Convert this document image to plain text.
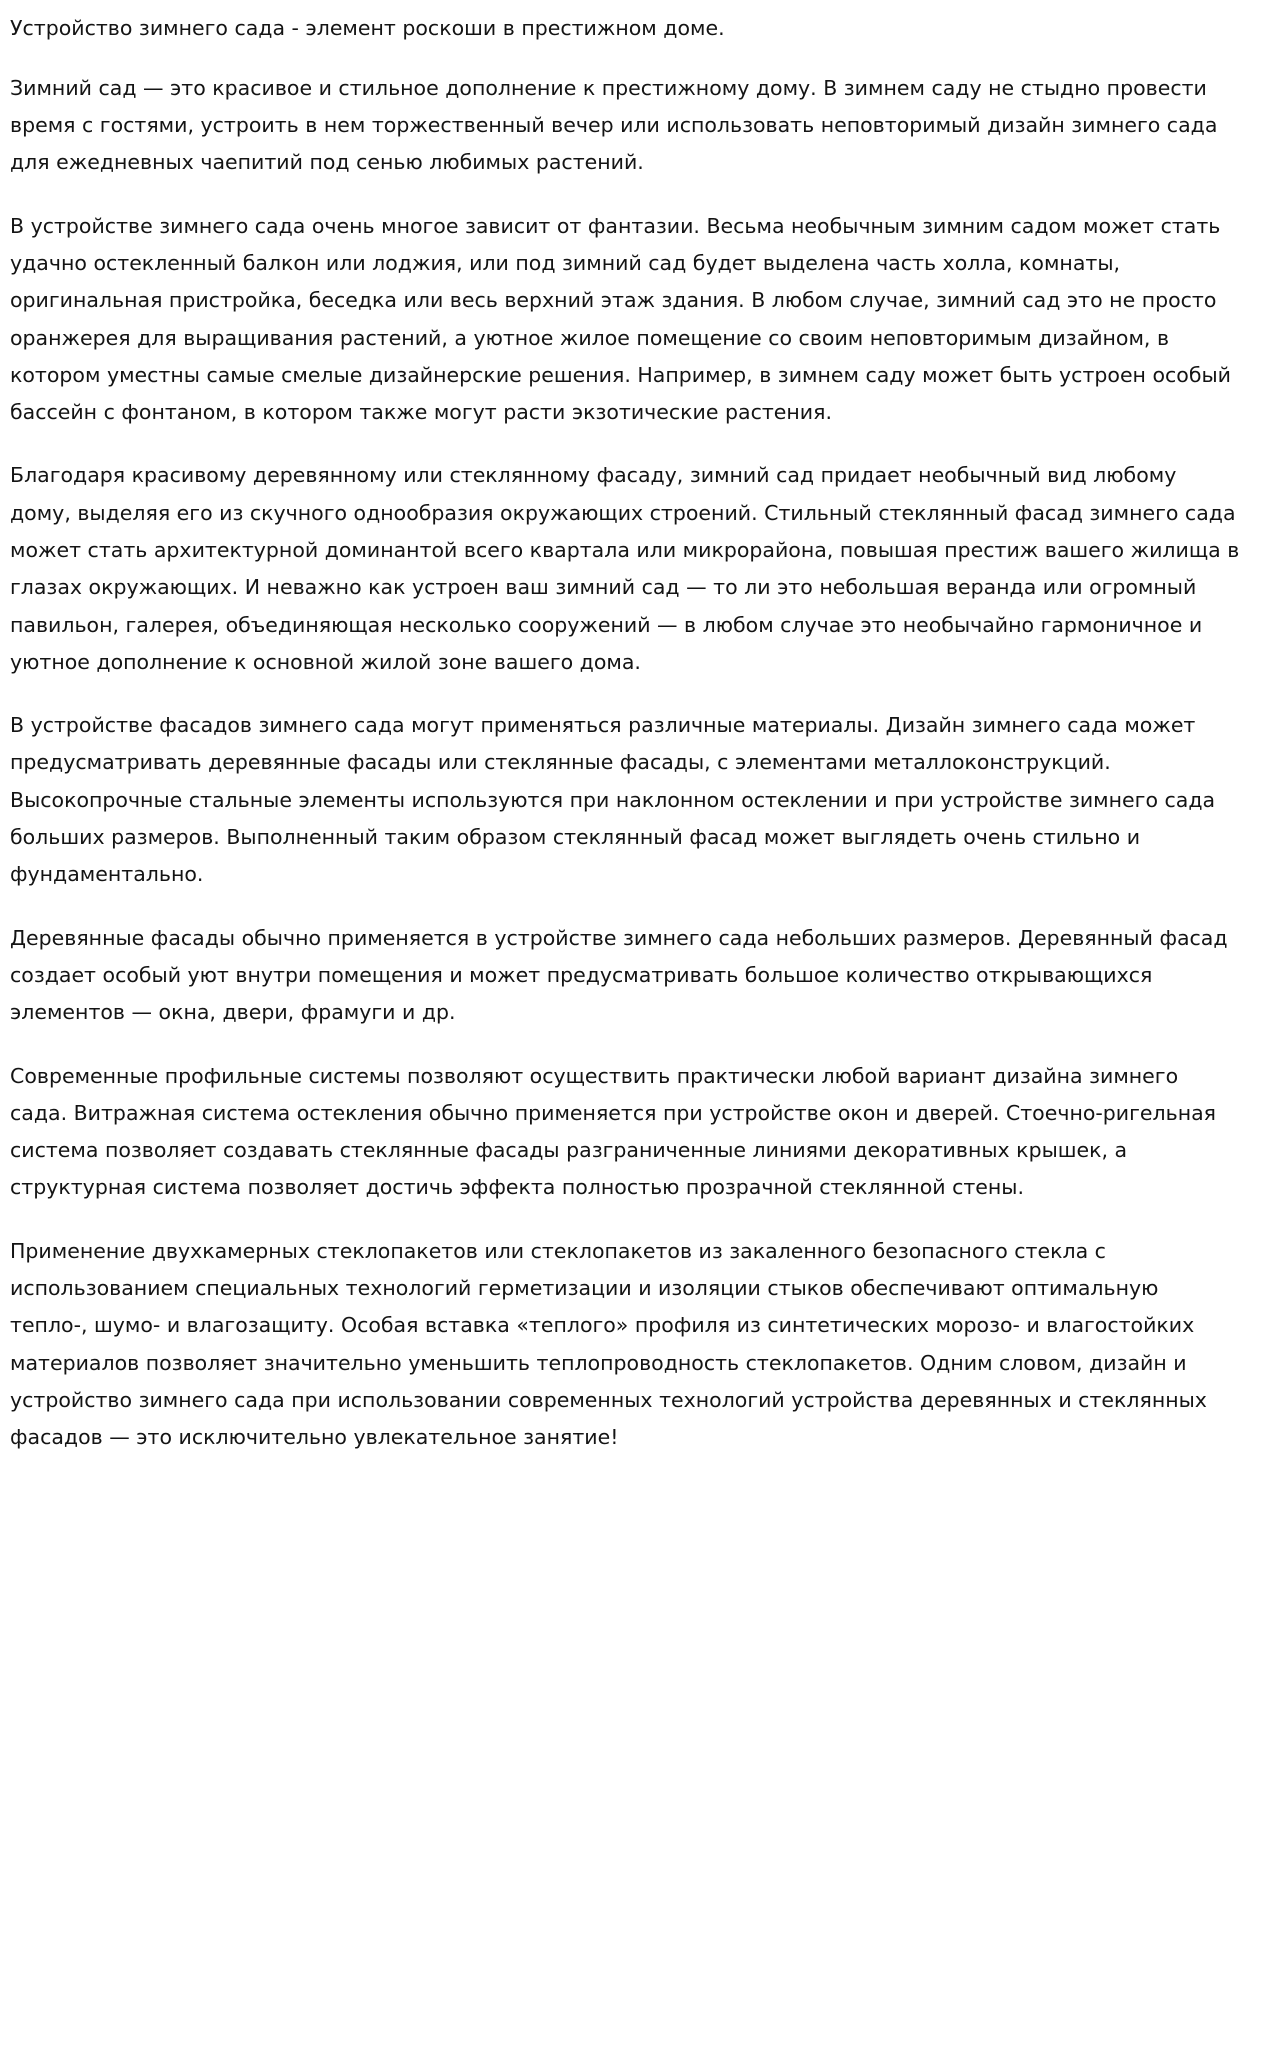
Устройство зимнего сада - элемент роскоши в престижном доме.

Зимний сад — это красивое и стильное дополнение к престижному дому. В зимнем саду не стыдно провести время с гостями, устроить в нем торжественный вечер или использовать неповторимый дизайн зимнего сада для ежедневных чаепитий под сенью любимых растений.

В устройстве зимнего сада очень многое зависит от фантазии. Весьма необычным зимним садом может стать удачно остекленный балкон или лоджия, или под зимний сад будет выделена часть холла, комнаты, оригинальная пристройка, беседка или весь верхний этаж здания. В любом случае, зимний сад это не просто оранжерея для выращивания растений, а уютное жилое помещение со своим неповторимым дизайном, в котором уместны самые смелые дизайнерские решения. Например, в зимнем саду может быть устроен особый бассейн с фонтаном, в котором также могут расти экзотические растения.

Благодаря красивому деревянному или стеклянному фасаду, зимний сад придает необычный вид любому дому, выделяя его из скучного однообразия окружающих строений. Стильный стеклянный фасад зимнего сада может стать архитектурной доминантой всего квартала или микрорайона, повышая престиж вашего жилища в глазах окружающих. И неважно как устроен ваш зимний сад — то ли это небольшая веранда или огромный павильон, галерея, объединяющая несколько сооружений — в любом случае это необычайно гармоничное и уютное дополнение к основной жилой зоне вашего дома.

В устройстве фасадов зимнего сада могут применяться различные материалы. Дизайн зимнего сада может предусматривать деревянные фасады или стеклянные фасады, с элементами металлоконструкций. Высокопрочные стальные элементы используются при наклонном остеклении и при устройстве зимнего сада больших размеров. Выполненный таким образом стеклянный фасад может выглядеть очень стильно и фундаментально.

Деревянные фасады обычно применяется в устройстве зимнего сада небольших размеров. Деревянный фасад создает особый уют внутри помещения и может предусматривать большое количество открывающихся элементов — окна, двери, фрамуги и др.

Современные профильные системы позволяют осуществить практически любой вариант дизайна зимнего сада. Витражная система остекления обычно применяется при устройстве окон и дверей. Стоечно-ригельная система позволяет создавать стеклянные фасады разграниченные линиями декоративных крышек, а структурная система позволяет достичь эффекта полностью прозрачной стеклянной стены.

Применение двухкамерных стеклопакетов или стеклопакетов из закаленного безопасного стекла с использованием специальных технологий герметизации и изоляции стыков обеспечивают оптимальную тепло-, шумо- и влагозащиту. Особая вставка «теплого» профиля из синтетических морозо- и влагостойких материалов позволяет значительно уменьшить теплопроводность стеклопакетов. Одним словом, дизайн и устройство зимнего сада при использовании современных технологий устройства деревянных и стеклянных фасадов — это исключительно увлекательное занятие!
